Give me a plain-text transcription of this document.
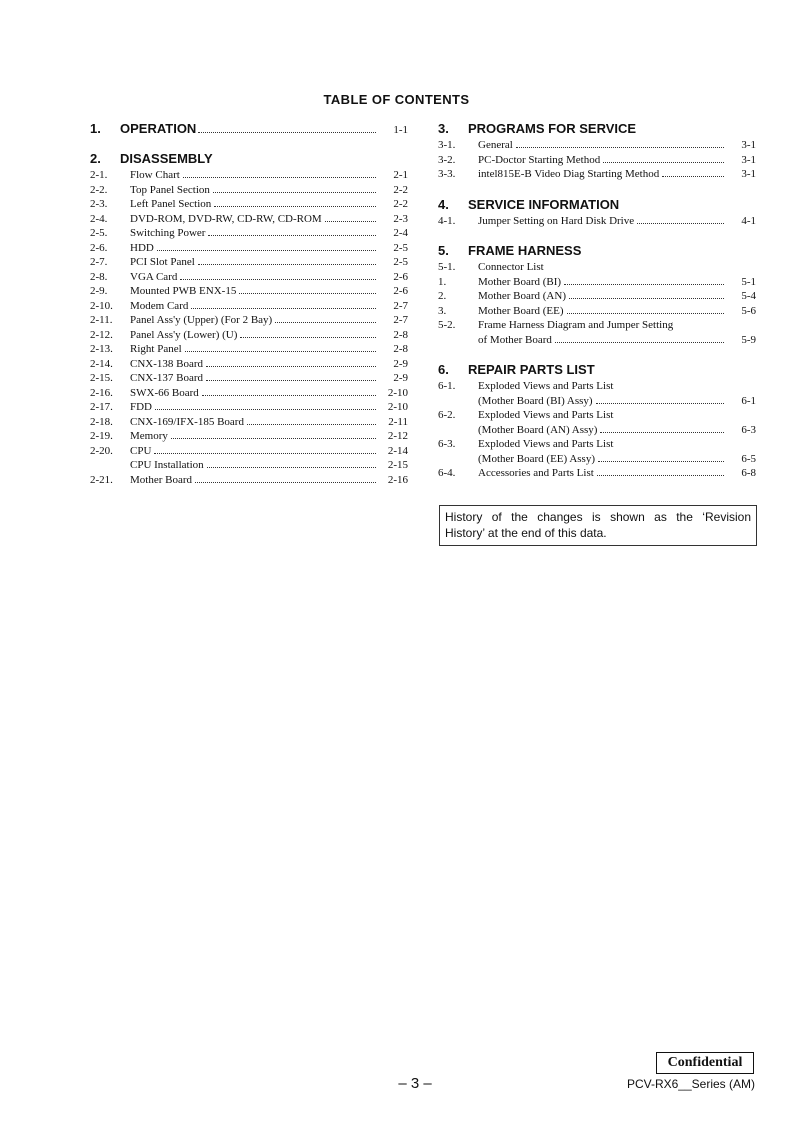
TABLE OF CONTENTS
1.	OPERATION	1-1
2.	DISASSEMBLY
2-1.	Flow Chart	2-1
2-2.	Top Panel Section	2-2
2-3.	Left Panel Section	2-2
2-4.	DVD-ROM, DVD-RW, CD-RW, CD-ROM	2-3
2-5.	Switching Power	2-4
2-6.	HDD	2-5
2-7.	PCI Slot Panel	2-5
2-8.	VGA Card	2-6
2-9.	Mounted PWB ENX-15	2-6
2-10.	Modem Card	2-7
2-11.	Panel Ass'y (Upper) (For 2 Bay)	2-7
2-12.	Panel Ass'y (Lower) (U)	2-8
2-13.	Right Panel	2-8
2-14.	CNX-138 Board	2-9
2-15.	CNX-137 Board	2-9
2-16.	SWX-66 Board	2-10
2-17.	FDD	2-10
2-18.	CNX-169/IFX-185 Board	2-11
2-19.	Memory	2-12
2-20.	CPU	2-14
CPU Installation	2-15
2-21.	Mother Board	2-16
3.	PROGRAMS FOR SERVICE
3-1.	General	3-1
3-2.	PC-Doctor Starting Method	3-1
3-3.	intel815E-B Video Diag Starting Method	3-1
4.	SERVICE INFORMATION
4-1.	Jumper Setting on Hard Disk Drive	4-1
5.	FRAME HARNESS
5-1.	Connector List
1.	Mother Board (BI)	5-1
2.	Mother Board (AN)	5-4
3.	Mother Board (EE)	5-6
5-2.	Frame Harness Diagram and Jumper Setting
of Mother Board	5-9
6.	REPAIR PARTS LIST
6-1.	Exploded Views and Parts List
(Mother Board (BI) Assy)	6-1
6-2.	Exploded Views and Parts List
(Mother Board (AN) Assy)	6-3
6-3.	Exploded Views and Parts List
(Mother Board (EE) Assy)	6-5
6-4.	Accessories and Parts List	6-8
History of the changes is shown as the ‘Revision
History’ at the end of this data.
Confidential
– 3 –	PCV-RX6__Series (AM)
